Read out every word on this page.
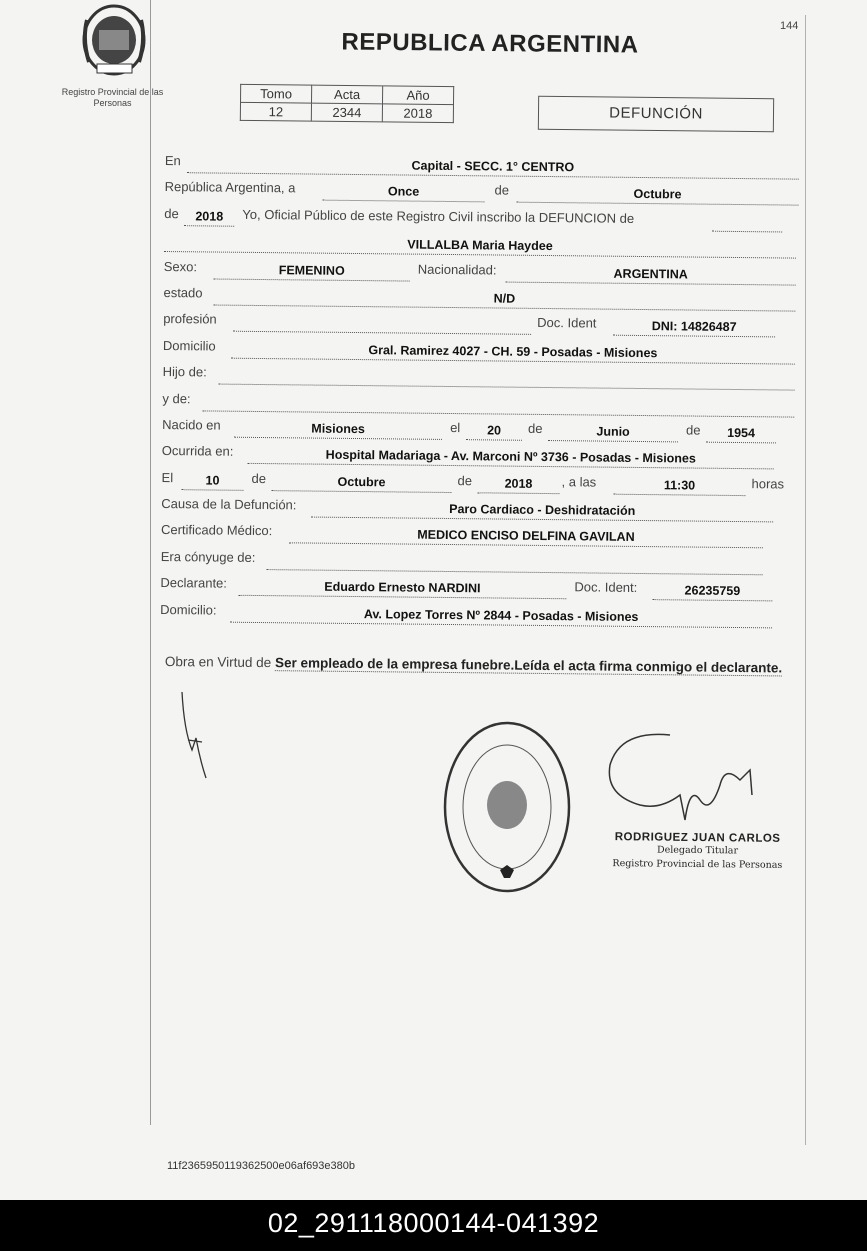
Registro Provincial de las Personas
144
REPUBLICA ARGENTINA
Tomo	Acta	Año
12	2344	2018	DEFUNCIÓN
En	Capital - SECC. 1° CENTRO
República Argentina, a	Once	de	Octubre
de	2018	Yo, Oficial Público de este Registro Civil inscribo la DEFUNCION de
VILLALBA Maria Haydee
Sexo:	FEMENINO	Nacionalidad:	ARGENTINA
estado	N/D
profesión	Doc. Ident	DNI: 14826487
Domicilio	Gral. Ramirez 4027 - CH. 59 - Posadas - Misiones
Hijo de:
y de:
Nacido en	Misiones	el	20	de	Junio	de	1954
Ocurrida en:	Hospital Madariaga - Av. Marconi Nº 3736 - Posadas - Misiones
El	10	de	Octubre	de	2018	, a las	11:30	horas
Causa de la Defunción:	Paro Cardiaco - Deshidratación
Certificado Médico:	MEDICO ENCISO DELFINA GAVILAN
Era cónyuge de:
Declarante:	Eduardo Ernesto NARDINI	Doc. Ident:	26235759
Domicilio:	Av. Lopez Torres Nº 2844 - Posadas - Misiones
Obra en Virtud de Ser empleado de la empresa funebre.Leída el acta firma conmigo el declarante.
RODRIGUEZ JUAN CARLOS
Delegado Titular
Registro Provincial de las Personas
11f2365950119362500e06af693e380b
02_291118000144-041392
